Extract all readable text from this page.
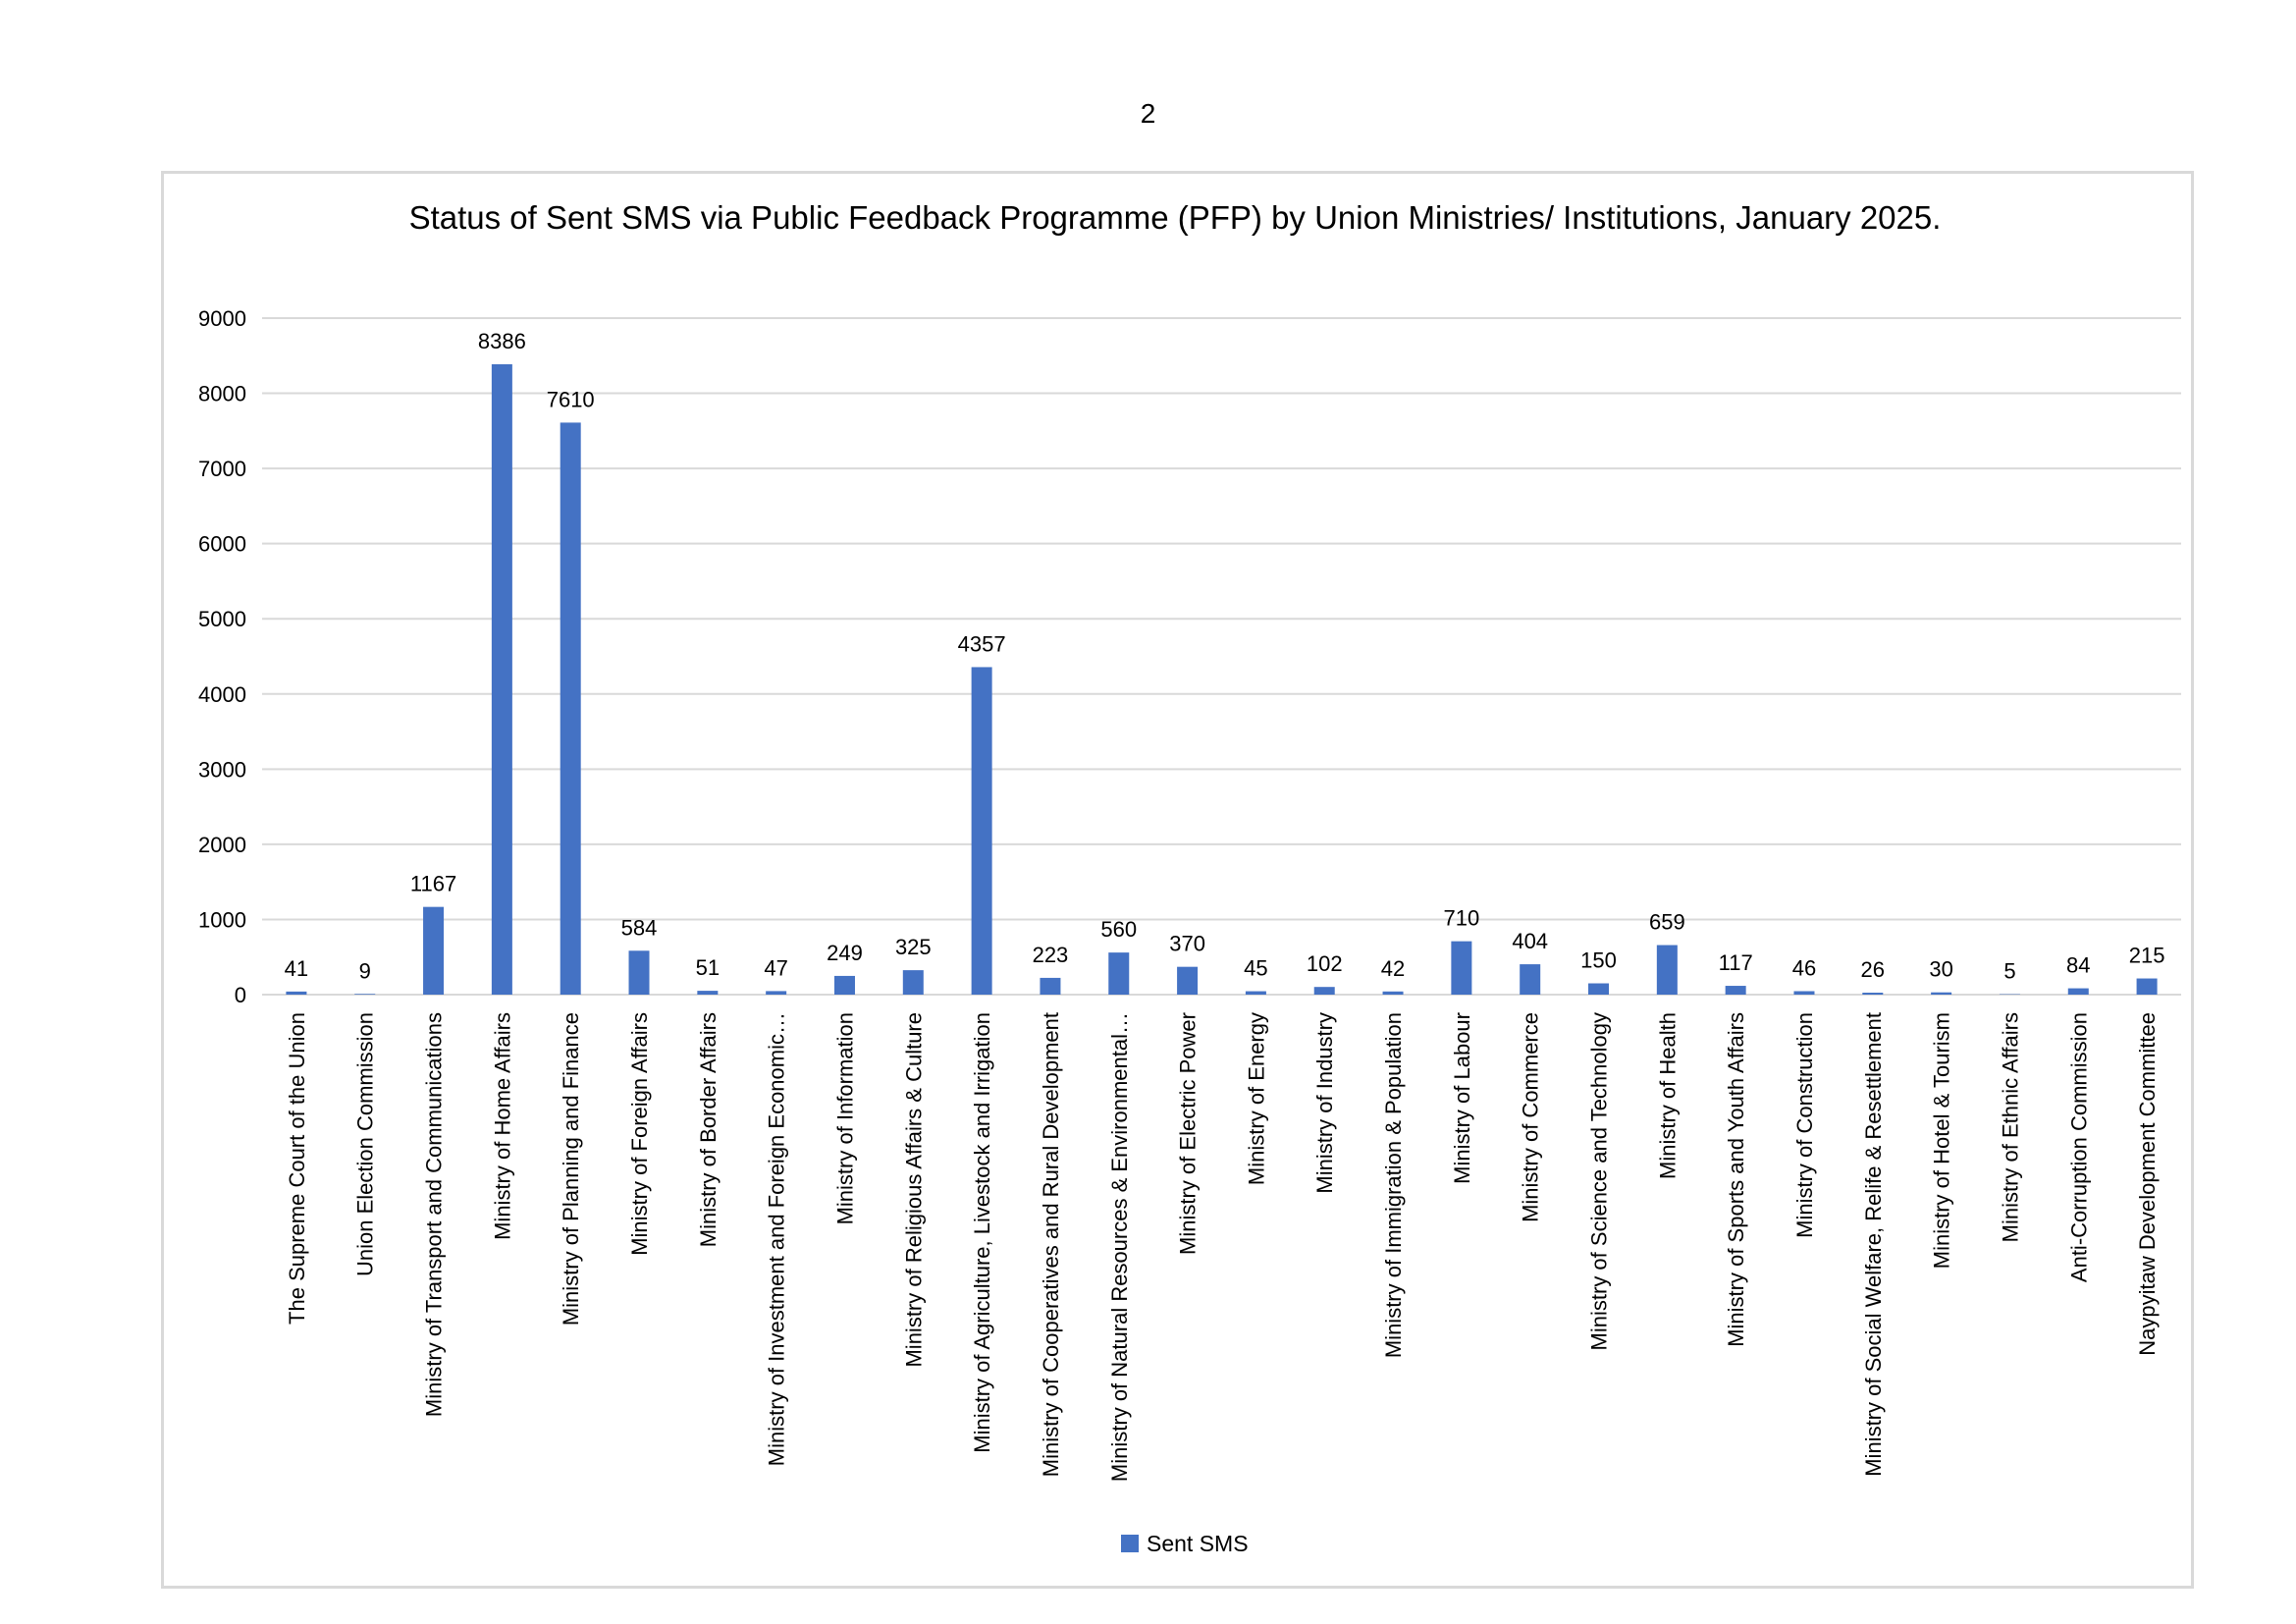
2
Status of Sent SMS via Public Feedback Programme (PFP) by Union Ministries/ Institutions, January 2025.
0
1000
2000
3000
4000
5000
6000
7000
8000
9000
41 9
1167
8386
7610
584
51 47
249 325
4357
223
560
370
45 102 42
710
404
150
659
117 46 26 30 5 84 215
The Supreme Court of the Union Union Election Commission Ministry of Transport and Communications Ministry of Home Affairs Ministry of Planning and Finance Ministry of Foreign Affairs Ministry of Border Affairs Ministry of Investment and Foreign Economic… Ministry of Information Ministry of Religious Affairs & Culture Ministry of Agriculture, Livestock and Irrigation Ministry of Cooperatives and Rural Development Ministry of Natural Resources & Environmental… Ministry of Electric Power Ministry of Energy Ministry of Industry Ministry of Immigration & Population Ministry of Labour Ministry of Commerce Ministry of Science and Technology Ministry of Health Ministry of Sports and Youth Affairs Ministry of Construction Ministry of Social Welfare, Relife & Resettlement Ministry of Hotel & Tourism Ministry of Ethnic Affairs Anti-Corruption Commission Naypyitaw Development Committee
Sent SMS
